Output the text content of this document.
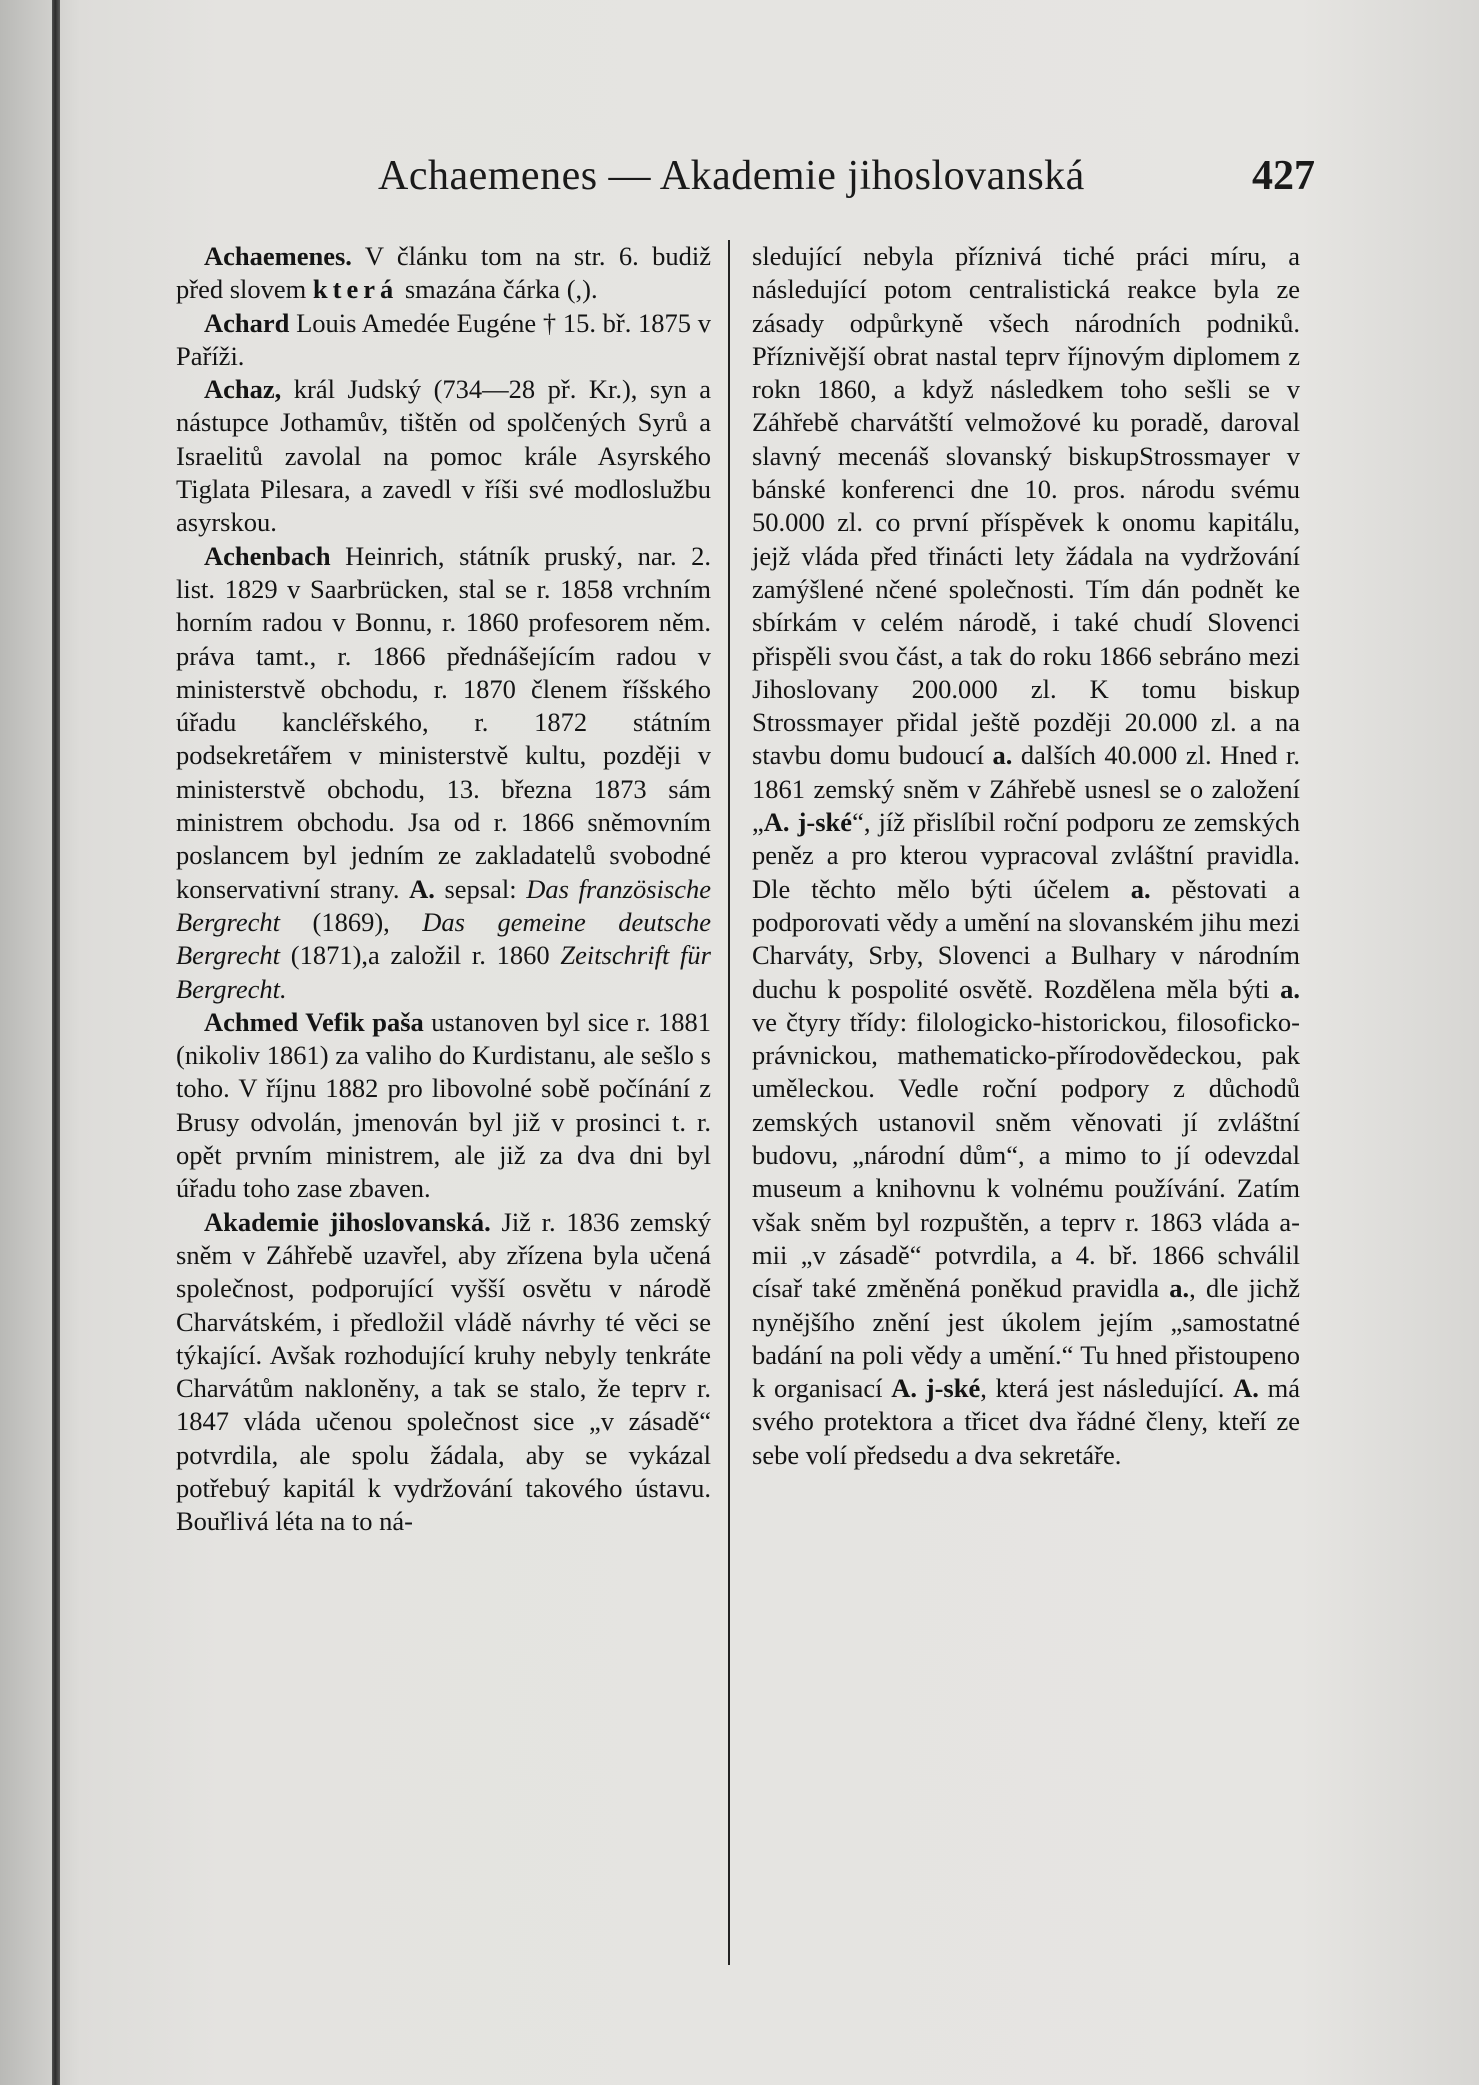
Achaemenes — Akademie jihoslovanská	427

Achaemenes. V článku tom na str. 6. budiž před slovem která smazána čárka (,).

Achard Louis Amedée Eugéne † 15. bř. 1875 v Paříži.

Achaz, král Judský (734—28 př. Kr.), syn a nástupce Jothamův, tištěn od spolčených Syrů a Israelitů zavolal na pomoc krále Asyrského Tiglata Pilesara, a zavedl v říši své modloslužbu asyrskou.

Achenbach Heinrich, státník pruský, nar. 2. list. 1829 v Saarbrücken, stal se r. 1858 vrchním horním radou v Bonnu, r. 1860 profesorem něm. práva tamt., r. 1866 přednášejícím radou v ministerstvě obchodu, r. 1870 členem říšského úřadu kancléřského, r. 1872 státním podsekretářem v ministerstvě kultu, později v ministerstvě obchodu, 13. března 1873 sám ministrem obchodu. Jsa od r. 1866 sněmovním poslancem byl jedním ze zakladatelů svobodné konservativní strany. A. sepsal: Das französische Bergrecht (1869), Das gemeine deutsche Bergrecht (1871),a založil r. 1860 Zeitschrift für Bergrecht.

Achmed Vefik paša ustanoven byl sice r. 1881 (nikoliv 1861) za valiho do Kurdistanu, ale sešlo s toho. V říjnu 1882 pro libovolné sobě počínání z Brusy odvolán, jmenován byl již v prosinci t. r. opět prvním ministrem, ale již za dva dni byl úřadu toho zase zbaven.

Akademie jihoslovanská. Již r. 1836 zemský sněm v Záhřebě uzavřel, aby zřízena byla učená společnost, podporující vyšší osvětu v národě Charvátském, i předložil vládě návrhy té věci se týkající. Avšak rozhodující kruhy nebyly tenkráte Charvátům nakloněny, a tak se stalo, že teprv r. 1847 vláda učenou společnost sice „v zásadě“ potvrdila, ale spolu žádala, aby se vykázal potřebuý kapitál k vydržování takového ústavu. Bouřlivá léta na to ná-

sledující nebyla příznivá tiché práci míru, a následující potom centralistická reakce byla ze zásady odpůrkyně všech národních podniků. Příznivější obrat nastal teprv říjnovým diplomem z rokn 1860, a když následkem toho sešli se v Záhřebě charvátští velmožové ku poradě, daroval slavný mecenáš slovanský biskupStrossmayer v bánské konferenci dne 10. pros. národu svému 50.000 zl. co první příspěvek k onomu kapitálu, jejž vláda před třinácti lety žádala na vydržování zamýšlené nčené společnosti. Tím dán podnět ke sbírkám v celém národě, i také chudí Slovenci přispěli svou část, a tak do roku 1866 sebráno mezi Jihoslovany 200.000 zl. K tomu biskup Strossmayer přidal ještě později 20.000 zl. a na stavbu domu budoucí a. dalších 40.000 zl. Hned r. 1861 zemský sněm v Záhřebě usnesl se o založení „A. j-ské“, jíž přislíbil roční podporu ze zemských peněz a pro kterou vypracoval zvláštní pravidla. Dle těchto mělo býti účelem a. pěstovati a podporovati vědy a umění na slovanském jihu mezi Charváty, Srby, Slovenci a Bulhary v národním duchu k pospolité osvětě. Rozdělena měla býti a. ve čtyry třídy: filologicko-historickou, filosoficko-právnickou, mathematicko-přírodovědeckou, pak uměleckou. Vedle roční podpory z důchodů zemských ustanovil sněm věnovati jí zvláštní budovu, „národní dům“, a mimo to jí odevzdal museum a knihovnu k volnému používání. Zatím však sněm byl rozpuštěn, a teprv r. 1863 vláda a-mii „v zásadě“ potvrdila, a 4. bř. 1866 schválil císař také změněná poněkud pravidla a., dle jichž nynějšího znění jest úkolem jejím „samostatné badání na poli vědy a umění.“ Tu hned přistoupeno k organisací A. j-ské, která jest následující. A. má svého protektora a třicet dva řádné členy, kteří ze sebe volí předsedu a dva sekretáře.
